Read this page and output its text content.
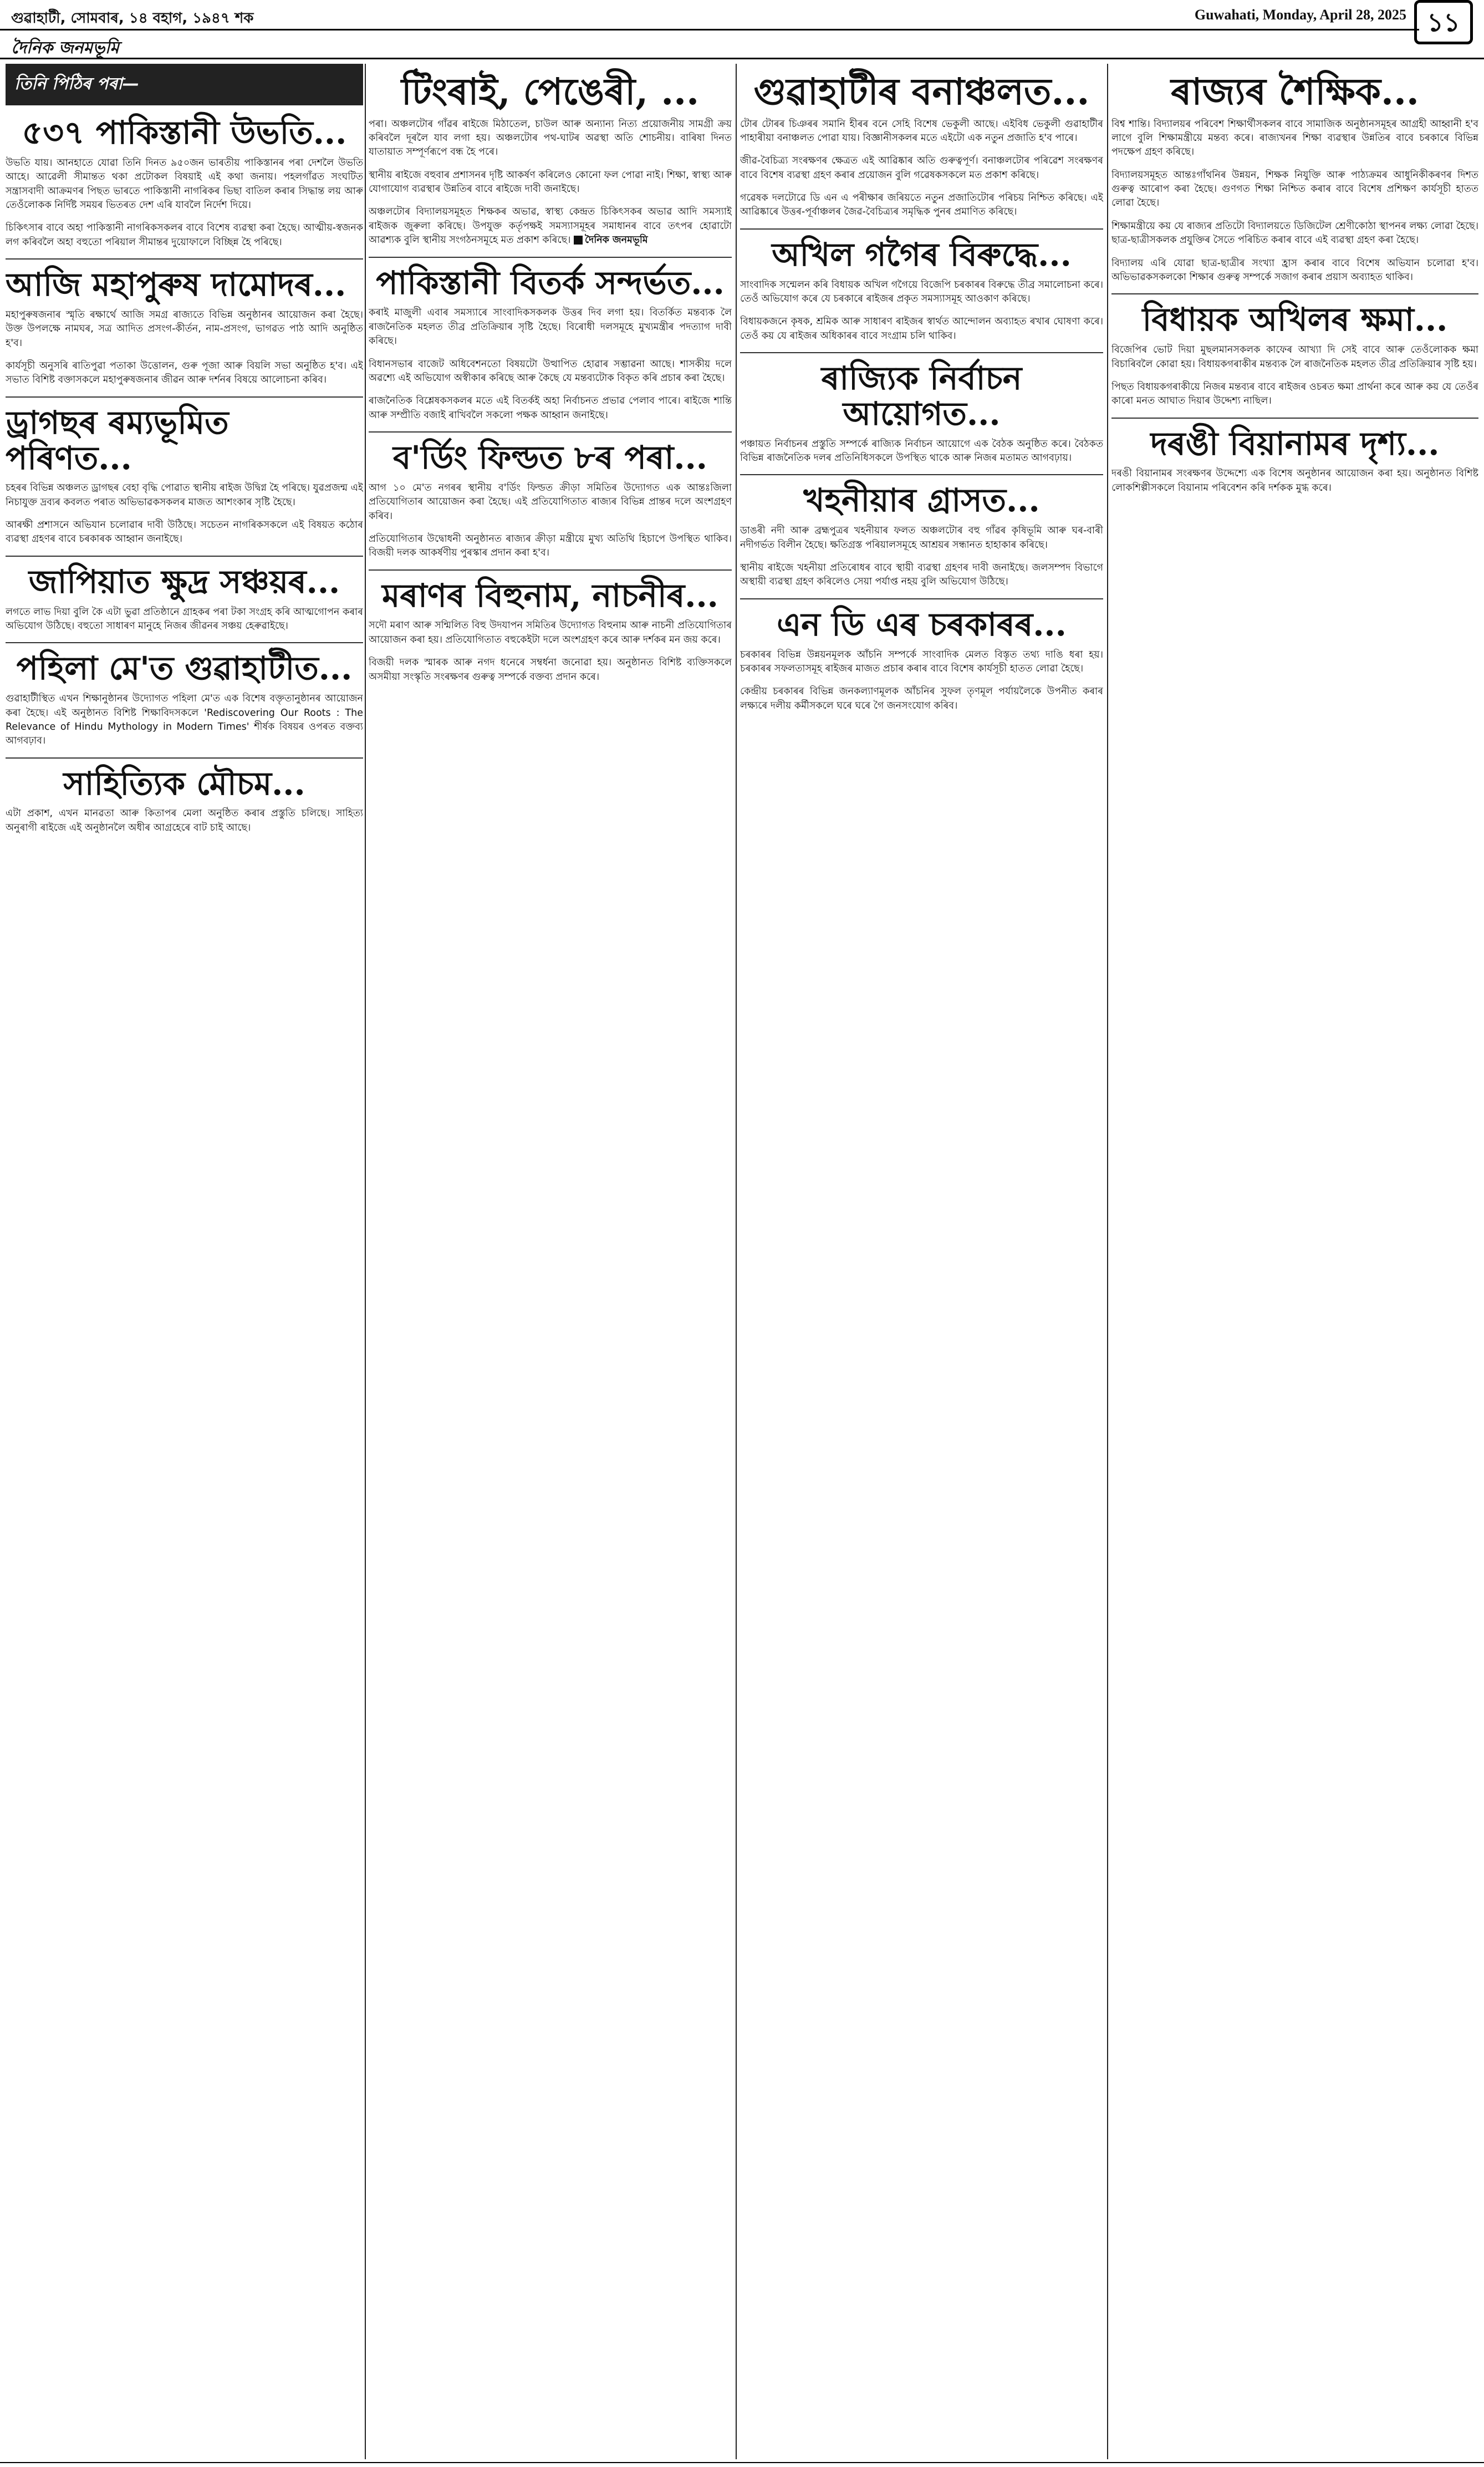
গুৱাহাটী, সোমবাৰ, ১৪ বহাগ, ১৯৪৭ শক	Guwahati, Monday, April 28, 2025 ১১
দৈনিক জনমভূমি
তিনি পিঠিৰ পৰা—
৫৩৭ পাকিস্তানী উভতি...

উভতি যায়। আনহাতে যোৱা তিনি দিনত ৯৫০জন ভাৰতীয় পাকিস্তানৰ পৰা দেশলৈ উভতি আহে। আৱেলী সীমান্তত থকা প্ৰটোকল বিষয়াই এই কথা জনায়। পহলগাঁৱত সংঘটিত সন্ত্ৰাসবাদী আক্ৰমণৰ পিছত ভাৰতে পাকিস্তানী নাগৰিকৰ ভিছা বাতিল কৰাৰ সিদ্ধান্ত লয় আৰু তেওঁলোকক নিৰ্দিষ্ট সময়ৰ ভিতৰত দেশ এৰি যাবলৈ নিৰ্দেশ দিয়ে।

চিকিৎসাৰ বাবে অহা পাকিস্তানী নাগৰিকসকলৰ বাবে বিশেষ ব্যৱস্থা কৰা হৈছে। আত্মীয়-স্বজনক লগ কৰিবলৈ অহা বহুতো পৰিয়াল সীমান্তৰ দুয়োফালে বিচ্ছিন্ন হৈ পৰিছে।

আজি মহাপুৰুষ দামোদৰ...

মহাপুৰুষজনাৰ স্মৃতি ৰক্ষাৰ্থে আজি সমগ্ৰ ৰাজ্যতে বিভিন্ন অনুষ্ঠানৰ আয়োজন কৰা হৈছে। উক্ত উপলক্ষে নামঘৰ, সত্ৰ আদিত প্ৰসংগ-কীৰ্তন, নাম-প্ৰসংগ, ভাগৱত পাঠ আদি অনুষ্ঠিত হ'ব।

কাৰ্যসূচী অনুসৰি ৰাতিপুৱা পতাকা উত্তোলন, গুৰু পূজা আৰু বিয়লি সভা অনুষ্ঠিত হ'ব। এই সভাত বিশিষ্ট বক্তাসকলে মহাপুৰুষজনাৰ জীৱন আৰু দৰ্শনৰ বিষয়ে আলোচনা কৰিব।

ড্ৰাগছৰ ৰম্যভূমিত পৰিণত...

চহৰৰ বিভিন্ন অঞ্চলত ড্ৰাগছৰ বেহা বৃদ্ধি পোৱাত স্থানীয় ৰাইজ উদ্বিগ্ন হৈ পৰিছে। যুৱপ্ৰজন্ম এই নিচাযুক্ত দ্ৰব্যৰ কবলত পৰাত অভিভাৱকসকলৰ মাজত আশংকাৰ সৃষ্টি হৈছে।

আৰক্ষী প্ৰশাসনে অভিযান চলোৱাৰ দাবী উঠিছে। সচেতন নাগৰিকসকলে এই বিষয়ত কঠোৰ ব্যৱস্থা গ্ৰহণৰ বাবে চৰকাৰক আহ্বান জনাইছে।

জাপিয়াত ক্ষুদ্ৰ সঞ্চয়ৰ...

লগতে লাভ দিয়া বুলি কৈ এটা ভুৱা প্ৰতিষ্ঠানে গ্ৰাহকৰ পৰা টকা সংগ্ৰহ কৰি আত্মগোপন কৰাৰ অভিযোগ উঠিছে। বহুতো সাধাৰণ মানুহে নিজৰ জীৱনৰ সঞ্চয় হেৰুৱাইছে।

পহিলা মে'ত গুৱাহাটীত...

গুৱাহাটীস্থিত এখন শিক্ষানুষ্ঠানৰ উদ্যোগত পহিলা মে'ত এক বিশেষ বক্তৃতানুষ্ঠানৰ আয়োজন কৰা হৈছে। এই অনুষ্ঠানত বিশিষ্ট শিক্ষাবিদসকলে 'Rediscovering Our Roots : The Relevance of Hindu Mythology in Modern Times' শীৰ্ষক বিষয়ৰ ওপৰত বক্তব্য আগবঢ়াব।

সাহিত্যিক মৌচম...

এটা প্ৰকাশ, এখন মানৱতা আৰু কিতাপৰ মেলা অনুষ্ঠিত কৰাৰ প্ৰস্তুতি চলিছে। সাহিত্য অনুৰাগী ৰাইজে এই অনুষ্ঠানলৈ অধীৰ আগ্ৰহেৰে বাট চাই আছে।

টিংৰাই, পেঙেৰী, ...

পৰা। অঞ্চলটোৰ গাঁৱৰ ৰাইজে মিঠাতেল, চাউল আৰু অন্যান্য নিত্য প্ৰয়োজনীয় সামগ্ৰী ক্ৰয় কৰিবলৈ দূৰলৈ যাব লগা হয়। অঞ্চলটোৰ পথ-ঘাটৰ অৱস্থা অতি শোচনীয়। বাৰিষা দিনত যাতায়াত সম্পূৰ্ণৰূপে বন্ধ হৈ পৰে।

স্থানীয় ৰাইজে বহুবাৰ প্ৰশাসনৰ দৃষ্টি আকৰ্ষণ কৰিলেও কোনো ফল পোৱা নাই। শিক্ষা, স্বাস্থ্য আৰু যোগাযোগ ব্যৱস্থাৰ উন্নতিৰ বাবে ৰাইজে দাবী জনাইছে।

অঞ্চলটোৰ বিদ্যালয়সমূহত শিক্ষকৰ অভাৱ, স্বাস্থ্য কেন্দ্ৰত চিকিৎসকৰ অভাৱ আদি সমস্যাই ৰাইজক জুৰুলা কৰিছে। উপযুক্ত কৰ্তৃপক্ষই সমস্যাসমূহৰ সমাধানৰ বাবে তৎপৰ হোৱাটো আৱশ্যক বুলি স্থানীয় সংগঠনসমূহে মত প্ৰকাশ কৰিছে। দৈনিক জনমভূমি

পাকিস্তানী বিতৰ্ক সন্দৰ্ভত...

কৰাই মাজুলী এবাৰ সমস্যাৰে সাংবাদিকসকলক উত্তৰ দিব লগা হয়। বিতৰ্কিত মন্তব্যক লৈ ৰাজনৈতিক মহলত তীব্ৰ প্ৰতিক্ৰিয়াৰ সৃষ্টি হৈছে। বিৰোধী দলসমূহে মুখ্যমন্ত্ৰীৰ পদত্যাগ দাবী কৰিছে।

বিধানসভাৰ বাজেট অধিবেশনতো বিষয়টো উত্থাপিত হোৱাৰ সম্ভাৱনা আছে। শাসকীয় দলে অৱশ্যে এই অভিযোগ অস্বীকাৰ কৰিছে আৰু কৈছে যে মন্তব্যটোক বিকৃত কৰি প্ৰচাৰ কৰা হৈছে।

ৰাজনৈতিক বিশ্লেষকসকলৰ মতে এই বিতৰ্কই অহা নিৰ্বাচনত প্ৰভাৱ পেলাব পাৰে। ৰাইজে শান্তি আৰু সম্প্ৰীতি বজাই ৰাখিবলৈ সকলো পক্ষক আহ্বান জনাইছে।

ব'ৰ্ডিং ফিল্ডত ৮ৰ পৰা...

আগ ১০ মে'ত নগৰৰ স্থানীয় ব'ৰ্ডিং ফিল্ডত ক্ৰীড়া সমিতিৰ উদ্যোগত এক আন্তঃজিলা প্ৰতিযোগিতাৰ আয়োজন কৰা হৈছে। এই প্ৰতিযোগিতাত ৰাজ্যৰ বিভিন্ন প্ৰান্তৰ দলে অংশগ্ৰহণ কৰিব।

প্ৰতিযোগিতাৰ উদ্বোধনী অনুষ্ঠানত ৰাজ্যৰ ক্ৰীড়া মন্ত্ৰীয়ে মুখ্য অতিথি হিচাপে উপস্থিত থাকিব। বিজয়ী দলক আকৰ্ষণীয় পুৰস্কাৰ প্ৰদান কৰা হ'ব।

মৰাণৰ বিহুনাম, নাচনীৰ...

সদৌ মৰাণ আৰু সন্মিলিত বিহু উদযাপন সমিতিৰ উদ্যোগত বিহুনাম আৰু নাচনী প্ৰতিযোগিতাৰ আয়োজন কৰা হয়। প্ৰতিযোগিতাত বহুকেইটা দলে অংশগ্ৰহণ কৰে আৰু দৰ্শকৰ মন জয় কৰে।

বিজয়ী দলক স্মাৰক আৰু নগদ ধনেৰে সম্বৰ্ধনা জনোৱা হয়। অনুষ্ঠানত বিশিষ্ট ব্যক্তিসকলে অসমীয়া সংস্কৃতি সংৰক্ষণৰ গুৰুত্ব সম্পৰ্কে বক্তব্য প্ৰদান কৰে।

গুৱাহাটীৰ বনাঞ্চলত...

টোৰ টোৰৰ চিঞৰৰ সমানি হীৰৰ বনে সেহি বিশেষ ভেকুলী আছে। এইবিধ ভেকুলী গুৱাহাটীৰ পাহাৰীয়া বনাঞ্চলত পোৱা যায়। বিজ্ঞানীসকলৰ মতে এইটো এক নতুন প্ৰজাতি হ'ব পাৰে।

জীৱ-বৈচিত্ৰ্য সংৰক্ষণৰ ক্ষেত্ৰত এই আৱিষ্কাৰ অতি গুৰুত্বপূৰ্ণ। বনাঞ্চলটোৰ পৰিৱেশ সংৰক্ষণৰ বাবে বিশেষ ব্যৱস্থা গ্ৰহণ কৰাৰ প্ৰয়োজন বুলি গৱেষকসকলে মত প্ৰকাশ কৰিছে।

গৱেষক দলটোৱে ডি এন এ পৰীক্ষাৰ জৰিয়তে নতুন প্ৰজাতিটোৰ পৰিচয় নিশ্চিত কৰিছে। এই আৱিষ্কাৰে উত্তৰ-পূৰ্বাঞ্চলৰ জৈৱ-বৈচিত্ৰ্যৰ সমৃদ্ধিক পুনৰ প্ৰমাণিত কৰিছে।

অখিল গগৈৰ বিৰুদ্ধে...

সাংবাদিক সন্মেলন কৰি বিধায়ক অখিল গগৈয়ে বিজেপি চৰকাৰৰ বিৰুদ্ধে তীব্ৰ সমালোচনা কৰে। তেওঁ অভিযোগ কৰে যে চৰকাৰে ৰাইজৰ প্ৰকৃত সমস্যাসমূহ আওকাণ কৰিছে।

বিধায়কজনে কৃষক, শ্ৰমিক আৰু সাধাৰণ ৰাইজৰ স্বাৰ্থত আন্দোলন অব্যাহত ৰখাৰ ঘোষণা কৰে। তেওঁ কয় যে ৰাইজৰ অধিকাৰৰ বাবে সংগ্ৰাম চলি থাকিব।

ৰাজ্যিক নিৰ্বাচন আয়োগত...

পঞ্চায়ত নিৰ্বাচনৰ প্ৰস্তুতি সম্পৰ্কে ৰাজ্যিক নিৰ্বাচন আয়োগে এক বৈঠক অনুষ্ঠিত কৰে। বৈঠকত বিভিন্ন ৰাজনৈতিক দলৰ প্ৰতিনিধিসকলে উপস্থিত থাকে আৰু নিজৰ মতামত আগবঢ়ায়।

খহনীয়াৰ গ্ৰাসত...

ডাঙৰী নদী আৰু ব্ৰহ্মপুত্ৰৰ খহনীয়াৰ ফলত অঞ্চলটোৰ বহু গাঁৱৰ কৃষিভূমি আৰু ঘৰ-বাৰী নদীগৰ্ভত বিলীন হৈছে। ক্ষতিগ্ৰস্ত পৰিয়ালসমূহে আশ্ৰয়ৰ সন্ধানত হাহাকাৰ কৰিছে।

স্থানীয় ৰাইজে খহনীয়া প্ৰতিৰোধৰ বাবে স্থায়ী ব্যৱস্থা গ্ৰহণৰ দাবী জনাইছে। জলসম্পদ বিভাগে অস্থায়ী ব্যৱস্থা গ্ৰহণ কৰিলেও সেয়া পৰ্যাপ্ত নহয় বুলি অভিযোগ উঠিছে।

এন ডি এৰ চৰকাৰৰ...

চৰকাৰৰ বিভিন্ন উন্নয়নমূলক আঁচনি সম্পৰ্কে সাংবাদিক মেলত বিস্তৃত তথ্য দাঙি ধৰা হয়। চৰকাৰৰ সফলতাসমূহ ৰাইজৰ মাজত প্ৰচাৰ কৰাৰ বাবে বিশেষ কাৰ্যসূচী হাতত লোৱা হৈছে।

কেন্দ্ৰীয় চৰকাৰৰ বিভিন্ন জনকল্যাণমূলক আঁচনিৰ সুফল তৃণমূল পৰ্যায়লৈকে উপনীত কৰাৰ লক্ষ্যৰে দলীয় কৰ্মীসকলে ঘৰে ঘৰে গৈ জনসংযোগ কৰিব।

ৰাজ্যৰ শৈক্ষিক...

বিশ্ব শান্তি। বিদ্যালয়ৰ পৰিবেশ শিক্ষাৰ্থীসকলৰ বাবে সামাজিক অনুষ্ঠানসমূহৰ আগ্ৰহী আহ্বানী হ'ব লাগে বুলি শিক্ষামন্ত্ৰীয়ে মন্তব্য কৰে। ৰাজ্যখনৰ শিক্ষা ব্যৱস্থাৰ উন্নতিৰ বাবে চৰকাৰে বিভিন্ন পদক্ষেপ গ্ৰহণ কৰিছে।

বিদ্যালয়সমূহত আন্তঃগাঁথনিৰ উন্নয়ন, শিক্ষক নিযুক্তি আৰু পাঠ্যক্ৰমৰ আধুনিকীকৰণৰ দিশত গুৰুত্ব আৰোপ কৰা হৈছে। গুণগত শিক্ষা নিশ্চিত কৰাৰ বাবে বিশেষ প্ৰশিক্ষণ কাৰ্যসূচী হাতত লোৱা হৈছে।

শিক্ষামন্ত্ৰীয়ে কয় যে ৰাজ্যৰ প্ৰতিটো বিদ্যালয়তে ডিজিটেল শ্ৰেণীকোঠা স্থাপনৰ লক্ষ্য লোৱা হৈছে। ছাত্ৰ-ছাত্ৰীসকলক প্ৰযুক্তিৰ সৈতে পৰিচিত কৰাৰ বাবে এই ব্যৱস্থা গ্ৰহণ কৰা হৈছে।

বিদ্যালয় এৰি যোৱা ছাত্ৰ-ছাত্ৰীৰ সংখ্যা হ্ৰাস কৰাৰ বাবে বিশেষ অভিযান চলোৱা হ'ব। অভিভাৱকসকলকো শিক্ষাৰ গুৰুত্ব সম্পৰ্কে সজাগ কৰাৰ প্ৰয়াস অব্যাহত থাকিব।

বিধায়ক অখিলৰ ক্ষমা...

বিজেপিৰ ভোট দিয়া মুছলমানসকলক কাফেৰ আখ্যা দি সেই বাবে আৰু তেওঁলোকক ক্ষমা বিচাৰিবলৈ কোৱা হয়। বিধায়কগৰাকীৰ মন্তব্যক লৈ ৰাজনৈতিক মহলত তীব্ৰ প্ৰতিক্ৰিয়াৰ সৃষ্টি হয়।

পিছত বিধায়কগৰাকীয়ে নিজৰ মন্তব্যৰ বাবে ৰাইজৰ ওচৰত ক্ষমা প্ৰাৰ্থনা কৰে আৰু কয় যে তেওঁৰ কাৰো মনত আঘাত দিয়াৰ উদ্দেশ্য নাছিল।

দৰঙী বিয়ানামৰ দৃশ্য...

দৰঙী বিয়ানামৰ সংৰক্ষণৰ উদ্দেশ্যে এক বিশেষ অনুষ্ঠানৰ আয়োজন কৰা হয়। অনুষ্ঠানত বিশিষ্ট লোকশিল্পীসকলে বিয়ানাম পৰিবেশন কৰি দৰ্শকক মুগ্ধ কৰে।
